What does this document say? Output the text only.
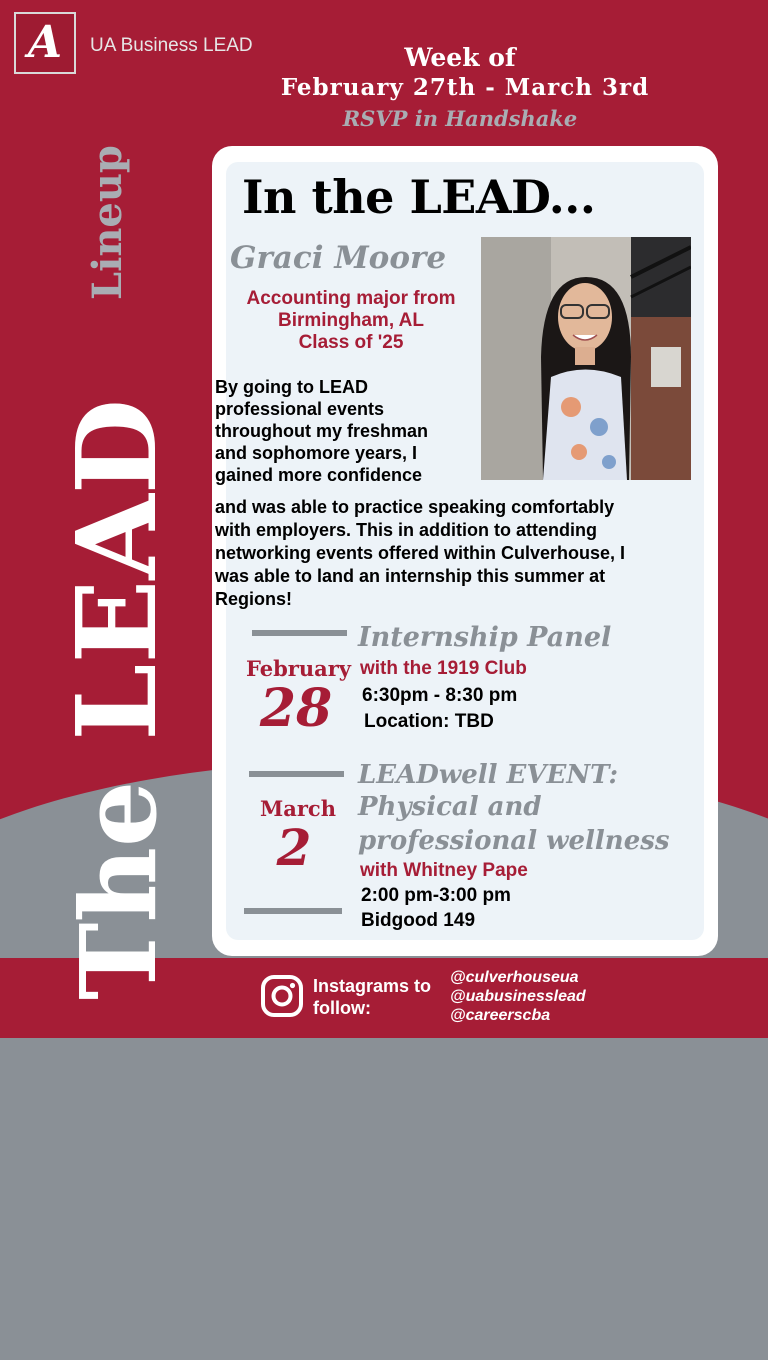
A UA Business LEAD	Week of
February 27th - March 3rd
RSVP in Handshake
TheLEAD
Lineup In the LEAD...
Graci Moore
Accounting major from
Birmingham, AL
Class of '25
By going to LEAD
professional events
throughout my freshman
and sophomore years, I
gained more confidence
and was able to practice speaking comfortably
with employers. This in addition to attending
networking events offered within Culverhouse, I
was able to land an internship this summer at
Regions!
February
28
Internship Panel
with the 1919 Club
6:30pm - 8:30 pm
Location: TBD
March
2
LEADwell EVENT:
Physical and
professional wellness
with Whitney Pape
2:00 pm-3:00 pm
Bidgood 149
Instagrams to
follow:
@culverhouseua
@uabusinesslead
@careerscba
